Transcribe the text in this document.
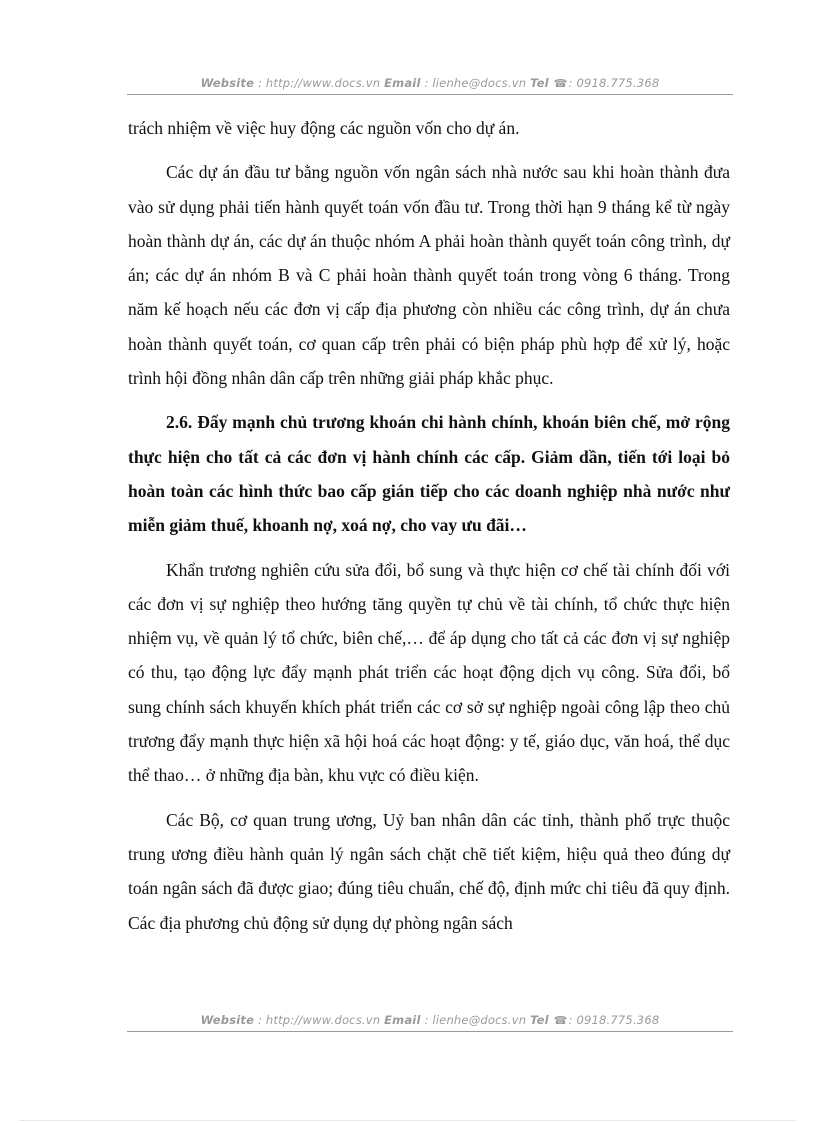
Website : http://www.docs.vn Email : lienhe@docs.vn Tel ☎: 0918.775.368

trách nhiệm về việc huy động các nguồn vốn cho dự án.

Các dự án đầu tư bằng nguồn vốn ngân sách nhà nước sau khi hoàn thành đưa vào sử dụng phải tiến hành quyết toán vốn đầu tư. Trong thời hạn 9 tháng kể từ ngày hoàn thành dự án, các dự án thuộc nhóm A phải hoàn thành quyết toán công trình, dự án; các dự án nhóm B và C phải hoàn thành quyết toán trong vòng 6 tháng. Trong năm kế hoạch nếu các đơn vị cấp địa phương còn nhiều các công trình, dự án chưa hoàn thành quyết toán, cơ quan cấp trên phải có biện pháp phù hợp để xử lý, hoặc trình hội đồng nhân dân cấp trên những giải pháp khắc phục.

2.6. Đẩy mạnh chủ trương khoán chi hành chính, khoán biên chế, mở rộng thực hiện cho tất cả các đơn vị hành chính các cấp. Giảm dần, tiến tới loại bỏ hoàn toàn các hình thức bao cấp gián tiếp cho các doanh nghiệp nhà nước như miễn giảm thuế, khoanh nợ, xoá nợ, cho vay ưu đãi…

Khẩn trương nghiên cứu sửa đổi, bổ sung và thực hiện cơ chế tài chính đối với các đơn vị sự nghiệp theo hướng tăng quyền tự chủ về tài chính, tổ chức thực hiện nhiệm vụ, về quản lý tổ chức, biên chế,… để áp dụng cho tất cả các đơn vị sự nghiệp có thu, tạo động lực đẩy mạnh phát triển các hoạt động dịch vụ công. Sửa đổi, bổ sung chính sách khuyến khích phát triển các cơ sở sự nghiệp ngoài công lập theo chủ trương đẩy mạnh thực hiện xã hội hoá các hoạt động: y tế, giáo dục, văn hoá, thể dục thể thao… ở những địa bàn, khu vực có điều kiện.

Các Bộ, cơ quan trung ương, Uỷ ban nhân dân các tỉnh, thành phố trực thuộc trung ương điều hành quản lý ngân sách chặt chẽ tiết kiệm, hiệu quả theo đúng dự toán ngân sách đã được giao; đúng tiêu chuẩn, chế độ, định mức chi tiêu đã quy định. Các địa phương chủ động sử dụng dự phòng ngân sách

Website : http://www.docs.vn Email : lienhe@docs.vn Tel ☎: 0918.775.368
